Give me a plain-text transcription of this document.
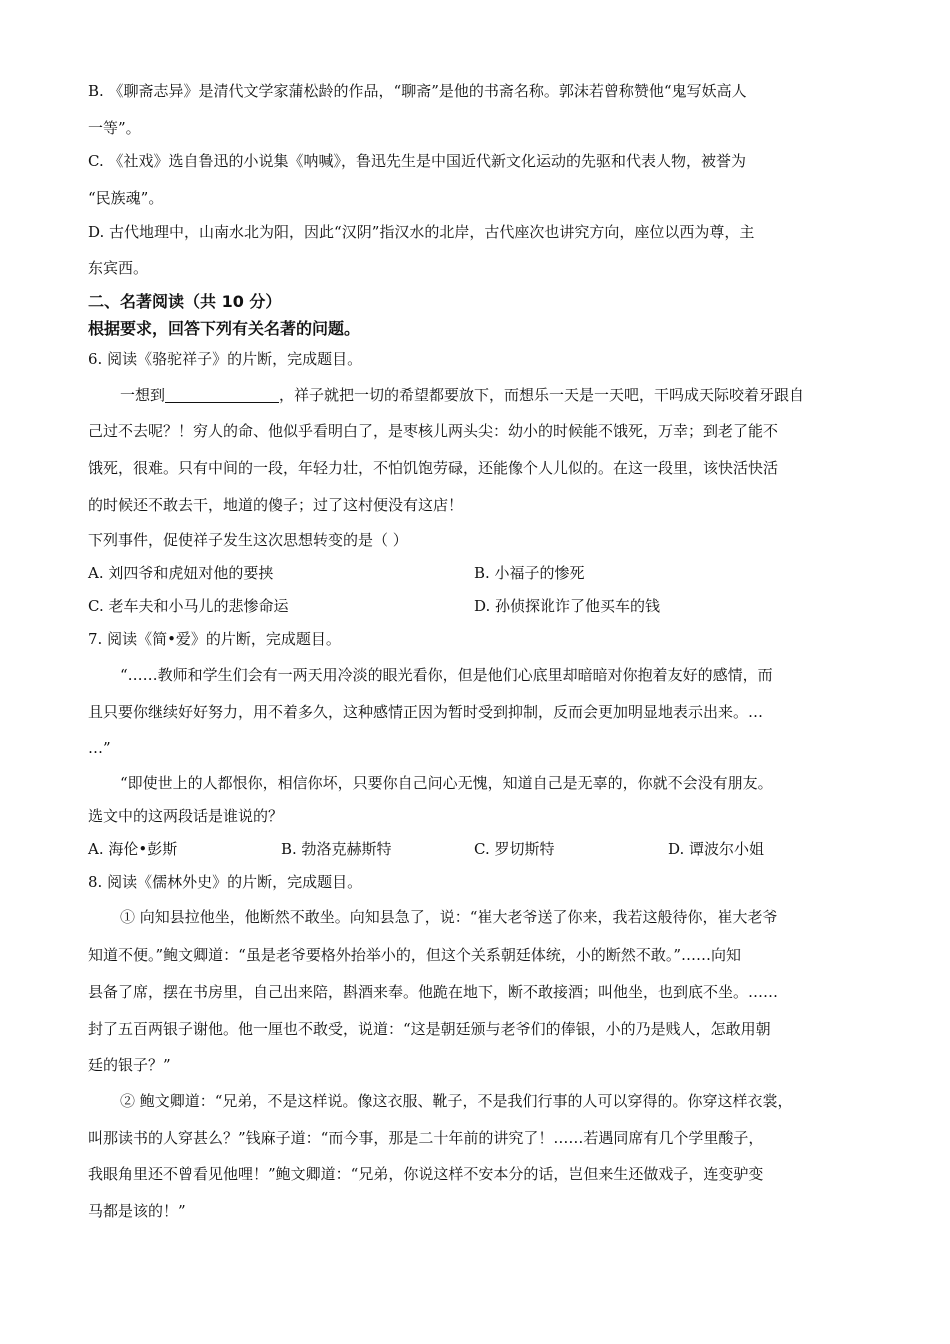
B. 《聊斋志异》是清代文学家蒲松龄的作品，“聊斋”是他的书斋名称。郭沫若曾称赞他“鬼写妖高人
一等”。
C. 《社戏》选自鲁迅的小说集《呐喊》，鲁迅先生是中国近代新文化运动的先驱和代表人物，被誉为
“民族魂”。
D. 古代地理中，山南水北为阳，因此“汉阴”指汉水的北岸，古代座次也讲究方向，座位以西为尊，主
东宾西。
二、名著阅读（共 10 分）
根据要求，回答下列有关名著的问题。
6. 阅读《骆驼祥子》的片断，完成题目。
一想到	，祥子就把一切的希望都要放下，而想乐一天是一天吧，干吗成天际咬着牙跟自
己过不去呢？！穷人的命、他似乎看明白了，是枣核儿两头尖：幼小的时候能不饿死，万幸；到老了能不
饿死，很难。只有中间的一段，年轻力壮，不怕饥饱劳碌，还能像个人儿似的。在这一段里，该快活快活
的时候还不敢去干，地道的傻子；过了这村便没有这店！
下列事件，促使祥子发生这次思想转变的是（ ）
A. 刘四爷和虎妞对他的要挟	B. 小福子的惨死
C. 老车夫和小马儿的悲惨命运	D. 孙侦探讹诈了他买车的钱
7. 阅读《简•爱》的片断，完成题目。
“……教师和学生们会有一两天用冷淡的眼光看你，但是他们心底里却暗暗对你抱着友好的感情，而
且只要你继续好好努力，用不着多久，这种感情正因为暂时受到抑制，反而会更加明显地表示出来。…
…”
“即使世上的人都恨你，相信你坏，只要你自己问心无愧，知道自己是无辜的，你就不会没有朋友。
选文中的这两段话是谁说的？
A. 海伦•彭斯	B. 勃洛克赫斯特	C. 罗切斯特	D. 谭波尔小姐
8. 阅读《儒林外史》的片断，完成题目。
① 向知县拉他坐，他断然不敢坐。向知县急了，说：“崔大老爷送了你来，我若这般待你，崔大老爷
知道不便。”鲍文卿道：“虽是老爷要格外抬举小的，但这个关系朝廷体统，小的断然不敢。”……向知
县备了席，摆在书房里，自己出来陪，斟酒来奉。他跪在地下，断不敢接酒；叫他坐，也到底不坐。……
封了五百两银子谢他。他一厘也不敢受，说道：“这是朝廷颁与老爷们的俸银，小的乃是贱人，怎敢用朝
廷的银子？”
② 鲍文卿道：“兄弟，不是这样说。像这衣服、靴子，不是我们行事的人可以穿得的。你穿这样衣裳，
叫那读书的人穿甚么？”钱麻子道：“而今事，那是二十年前的讲究了！……若遇同席有几个学里酸子，
我眼角里还不曾看见他哩！”鲍文卿道：“兄弟，你说这样不安本分的话，岂但来生还做戏子，连变驴变
马都是该的！”
